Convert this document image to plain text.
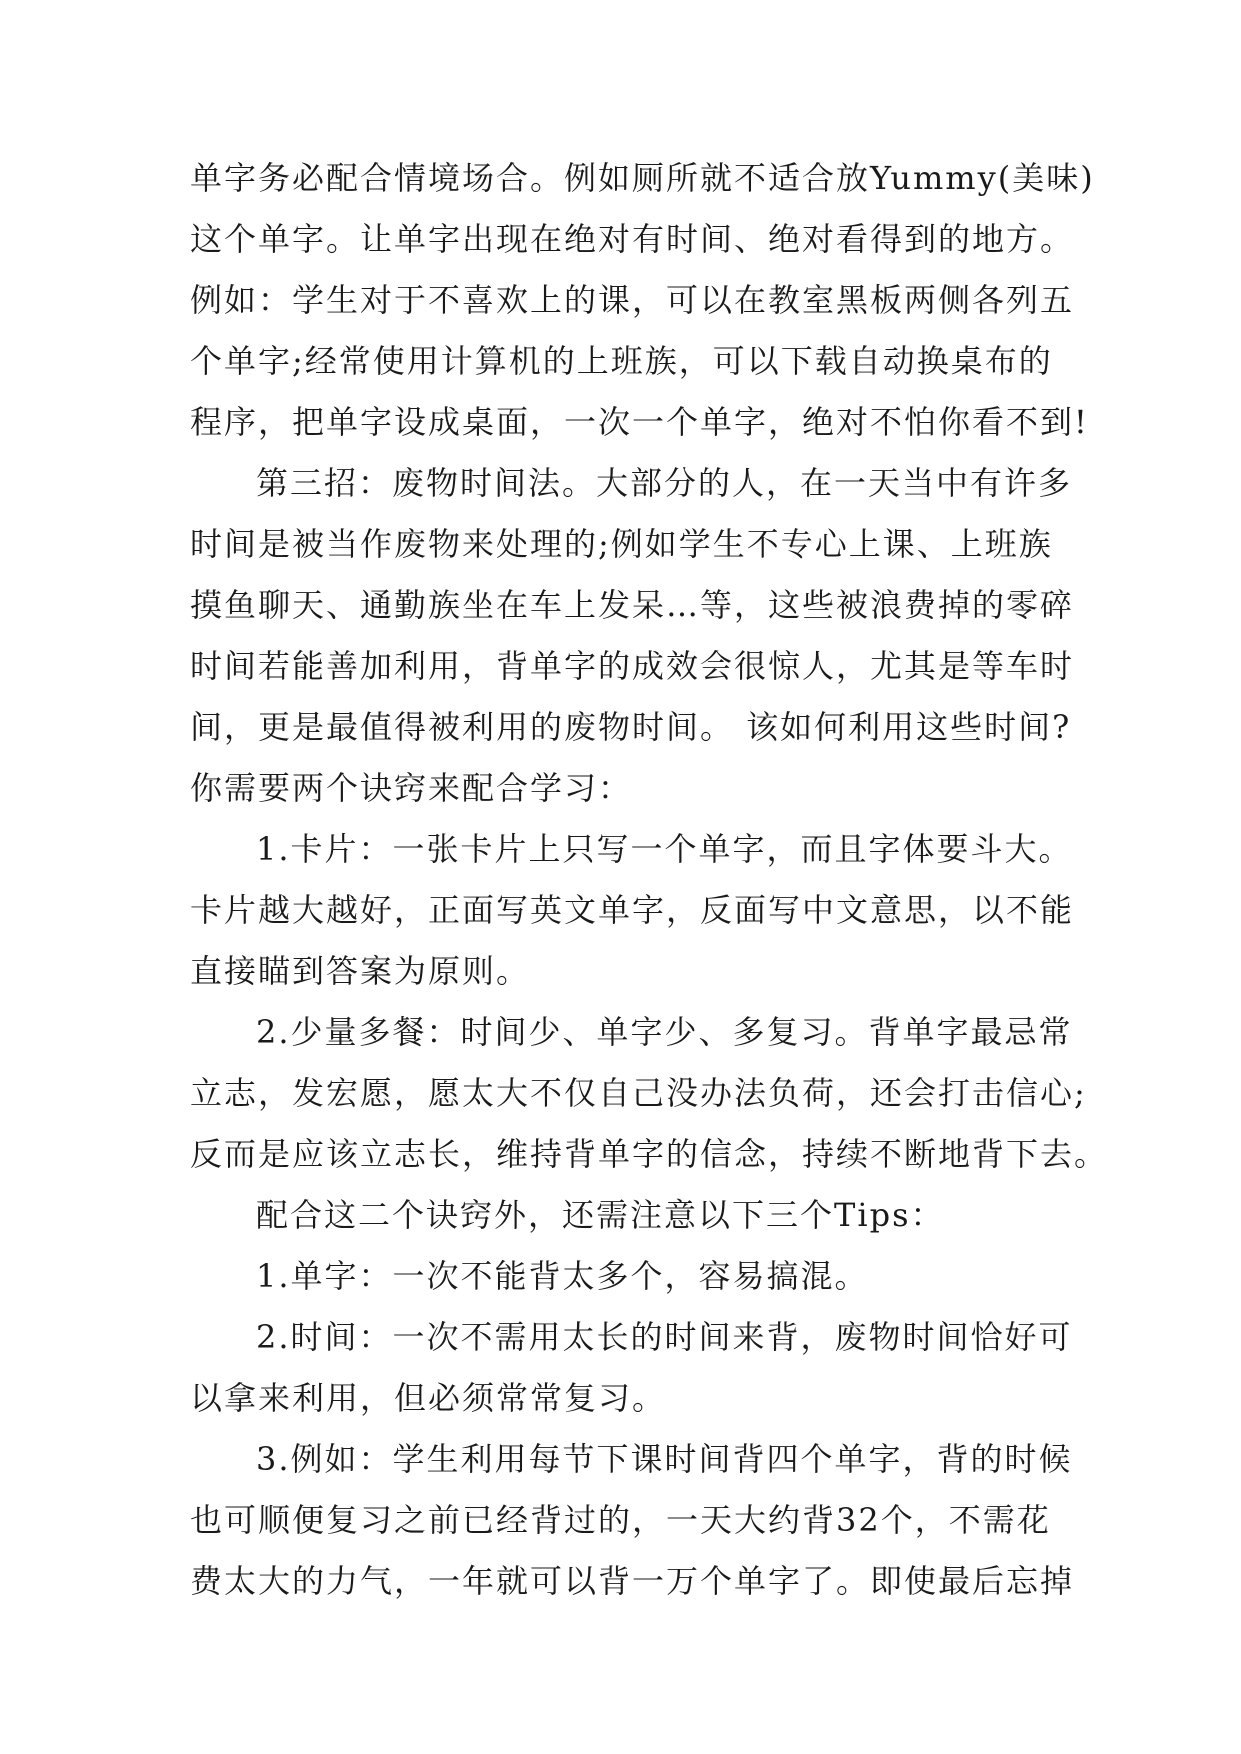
单字务必配合情境场合。例如厕所就不适合放Yummy(美味)
这个单字。让单字出现在绝对有时间、绝对看得到的地方。
例如：学生对于不喜欢上的课，可以在教室黑板两侧各列五
个单字;经常使用计算机的上班族，可以下载自动换桌布的
程序，把单字设成桌面，一次一个单字，绝对不怕你看不到!
第三招：废物时间法。大部分的人，在一天当中有许多
时间是被当作废物来处理的;例如学生不专心上课、上班族
摸鱼聊天、通勤族坐在车上发呆…等，这些被浪费掉的零碎
时间若能善加利用，背单字的成效会很惊人，尤其是等车时
间，更是最值得被利用的废物时间。 该如何利用这些时间?
你需要两个诀窍来配合学习：
1.卡片：一张卡片上只写一个单字，而且字体要斗大。
卡片越大越好，正面写英文单字，反面写中文意思，以不能
直接瞄到答案为原则。
2.少量多餐：时间少、单字少、多复习。背单字最忌常
立志，发宏愿，愿太大不仅自己没办法负荷，还会打击信心;
反而是应该立志长，维持背单字的信念，持续不断地背下去。
配合这二个诀窍外，还需注意以下三个Tips：
1.单字：一次不能背太多个，容易搞混。
2.时间：一次不需用太长的时间来背，废物时间恰好可
以拿来利用，但必须常常复习。
3.例如：学生利用每节下课时间背四个单字，背的时候
也可顺便复习之前已经背过的，一天大约背32个，不需花
费太大的力气，一年就可以背一万个单字了。即使最后忘掉
